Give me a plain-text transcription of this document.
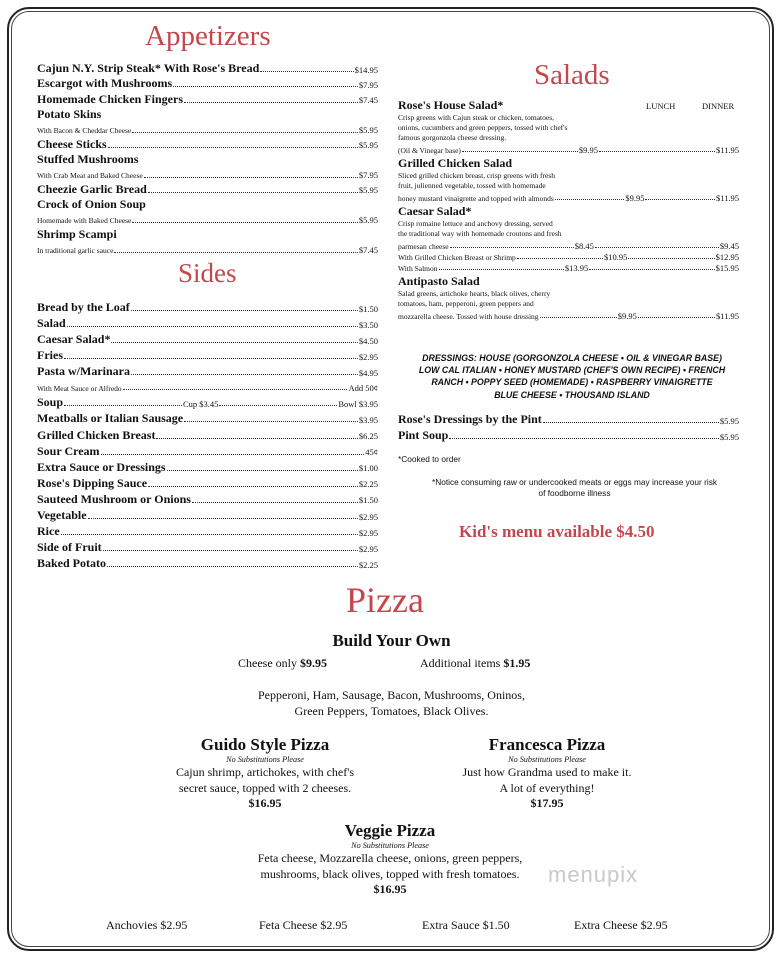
Appetizers
Cajun N.Y. Strip Steak* With Rose's Bread	$14.95
Escargot with Mushrooms	$7.95
Homemade Chicken Fingers	$7.45
Potato Skins
With Bacon & Cheddar Cheese	$5.95
Cheese Sticks	$5.95
Stuffed Mushrooms
With Crab Meat and Baked Cheese	$7.95
Cheezie Garlic Bread	$5.95
Crock of Onion Soup
Homemade with Baked Cheese	$5.95
Shrimp Scampi
In traditional garlic sauce	$7.45
Sides
Bread by the Loaf	$1.50
Salad	$3.50
Caesar Salad*	$4.50
Fries	$2.95
Pasta w/Marinara	$4.95
With Meat Sauce or Alfredo	Add 50¢
Soup	Cup $3.45	Bowl $3.95
Meatballs or Italian Sausage	$3.95
Grilled Chicken Breast	$6.25
Sour Cream	45¢
Extra Sauce or Dressings	$1.00
Rose's Dipping Sauce	$2.25
Sauteed Mushroom or Onions	$1.50
Vegetable	$2.95
Rice	$2.95
Side of Fruit	$2.95
Baked Potato	$2.25
Salads
LUNCH	DINNER
Rose's House Salad*
Crisp greens with Cajun steak or chicken, tomatoes,
onions, cucumbers and green peppers, tossed with chef's
famous gorgonzola cheese dressing.
(Oil & Vinegar base)	$9.95	$11.95
Grilled Chicken Salad
Sliced grilled chicken breast, crisp greens with fresh
fruit, julienned vegetable, tossed with homemade
honey mustard vinaigrette and topped with almonds	$9.95	$11.95
Caesar Salad*
Crisp romaine lettuce and anchovy dressing, served
the traditional way with homemade croutons and fresh
parmesan cheese	$8.45	$9.45
With Grilled Chicken Breast or Shrimp	$10.95	$12.95
With Salmon	$13.95	$15.95
Antipasto Salad
Salad greens, artichoke hearts, black olives, cherry
tomatoes, ham, pepperoni, green peppers and
mozzarella cheese. Tossed with house dressing	$9.95	$11.95
DRESSINGS: HOUSE (GORGONZOLA CHEESE • OIL & VINEGAR BASE)
LOW CAL ITALIAN • HONEY MUSTARD (CHEF'S OWN RECIPE) • FRENCH
RANCH • POPPY SEED (HOMEMADE) • RASPBERRY VINAIGRETTE
BLUE CHEESE • THOUSAND ISLAND
Rose's Dressings by the Pint	$5.95
Pint Soup	$5.95
*Cooked to order
*Notice consuming raw or undercooked meats or eggs may increase your risk
of foodborne illness
Kid's menu available $4.50
Pizza
Build Your Own
Cheese only $9.95	Additional items $1.95
Pepperoni, Ham, Sausage, Bacon, Mushrooms, Oninos,
Green Peppers, Tomatoes, Black Olives.
Guido Style Pizza
No Substitutions Please
Cajun shrimp, artichokes, with chef's
secret sauce, topped with 2 cheeses.
$16.95
Francesca Pizza
No Substitutions Please
Just how Grandma used to make it.
A lot of everything!
$17.95
Veggie Pizza
No Substitutions Please
Feta cheese, Mozzarella cheese, onions, green peppers,
mushrooms, black olives, topped with fresh tomatoes.
$16.95
menupix
Anchovies $2.95	Feta Cheese $2.95	Extra Sauce $1.50	Extra Cheese $2.95
